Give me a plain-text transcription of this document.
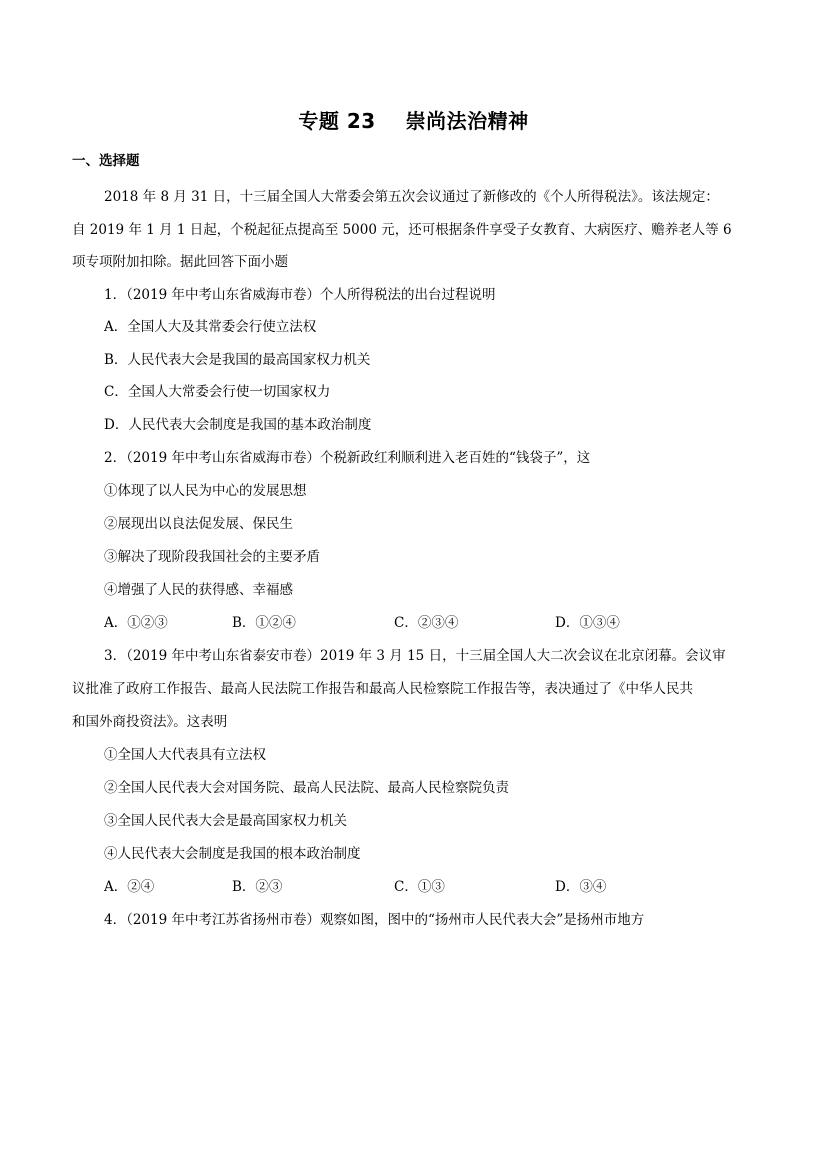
专题 23    崇尚法治精神
一、选择题
2018 年 8 月 31 日，十三届全国人大常委会第五次会议通过了新修改的《个人所得税法》。该法规定：
自 2019 年 1 月 1 日起，个税起征点提高至 5000 元，还可根据条件享受子女教育、大病医疗、赡养老人等 6
项专项附加扣除。据此回答下面小题
1．（2019 年中考山东省威海市卷）个人所得税法的出台过程说明
A．全国人大及其常委会行使立法权
B．人民代表大会是我国的最高国家权力机关
C．全国人大常委会行使一切国家权力
D．人民代表大会制度是我国的基本政治制度
2．（2019 年中考山东省威海市卷）个税新政红利顺利进入老百姓的“钱袋子”，这
①体现了以人民为中心的发展思想
②展现出以良法促发展、保民生
③解决了现阶段我国社会的主要矛盾
④增强了人民的获得感、幸福感
A．①②③	B．①②④	C．②③④	D．①③④
3．（2019 年中考山东省泰安市卷）2019 年 3 月 15 日，十三届全国人大二次会议在北京闭幕。会议审
议批准了政府工作报告、最高人民法院工作报告和最高人民检察院工作报告等，表决通过了《中华人民共
和国外商投资法》。这表明
①全国人大代表具有立法权
②全国人民代表大会对国务院、最高人民法院、最高人民检察院负责
③全国人民代表大会是最高国家权力机关
④人民代表大会制度是我国的根本政治制度
A．②④	B．②③	C．①③	D．③④
4．（2019 年中考江苏省扬州市卷）观察如图，图中的“扬州市人民代表大会”是扬州市地方
